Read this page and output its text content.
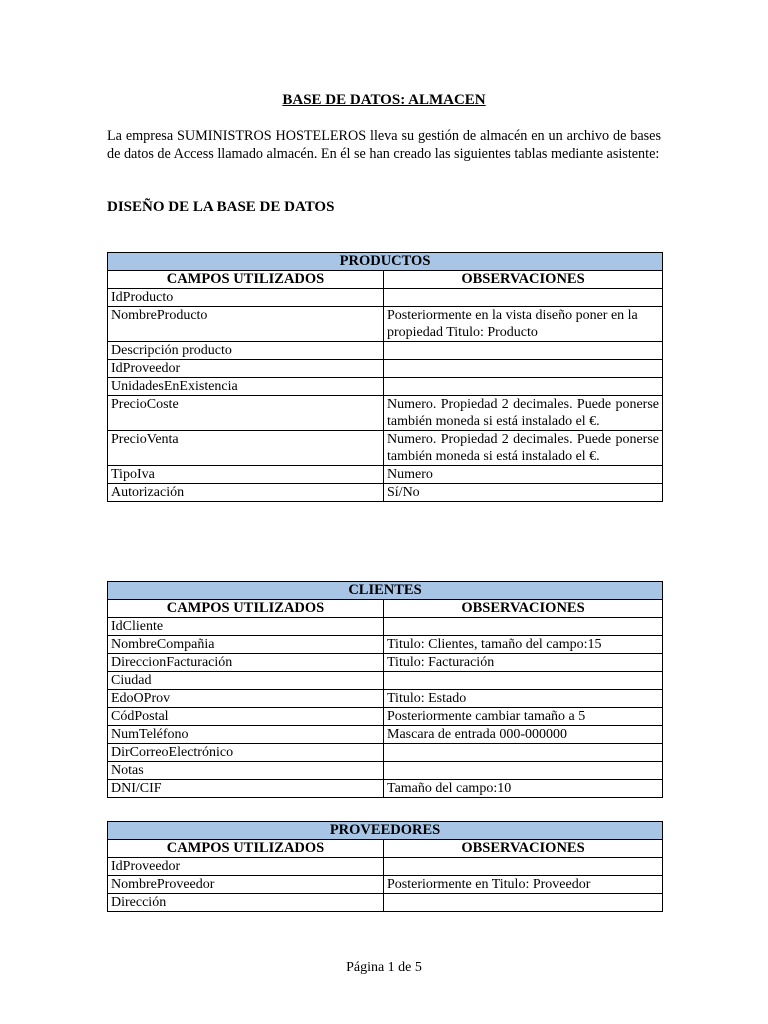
BASE DE DATOS: ALMACEN
La empresa SUMINISTROS HOSTELEROS lleva su gestión de almacén en un archivo de bases de datos de Access llamado almacén. En él se han creado las siguientes tablas mediante asistente:
DISEÑO DE LA BASE DE DATOS
PRODUCTOS	
CAMPOS UTILIZADOS	OBSERVACIONES
IdProducto	
NombreProducto	Posteriormente en la vista diseño poner en la
propiedad Titulo: Producto
Descripción producto	
IdProveedor	
UnidadesEnExistencia	
PrecioCoste	Numero. Propiedad 2 decimales. Puede ponerse también moneda si está instalado el €.
PrecioVenta	Numero. Propiedad 2 decimales. Puede ponerse también moneda si está instalado el €.
TipoIva	Numero
Autorización	Sí/No
CLIENTES	
CAMPOS UTILIZADOS	OBSERVACIONES
IdCliente	
NombreCompañia	Titulo: Clientes, tamaño del campo:15
DireccionFacturación	Titulo: Facturación
Ciudad	
EdoOProv	Titulo: Estado
CódPostal	Posteriormente cambiar tamaño a 5
NumTeléfono	Mascara de entrada 000-000000
DirCorreoElectrónico	
Notas	
DNI/CIF	Tamaño del campo:10
PROVEEDORES	
CAMPOS UTILIZADOS	OBSERVACIONES
IdProveedor	
NombreProveedor	Posteriormente en Titulo: Proveedor
Dirección	
Página 1 de 5
